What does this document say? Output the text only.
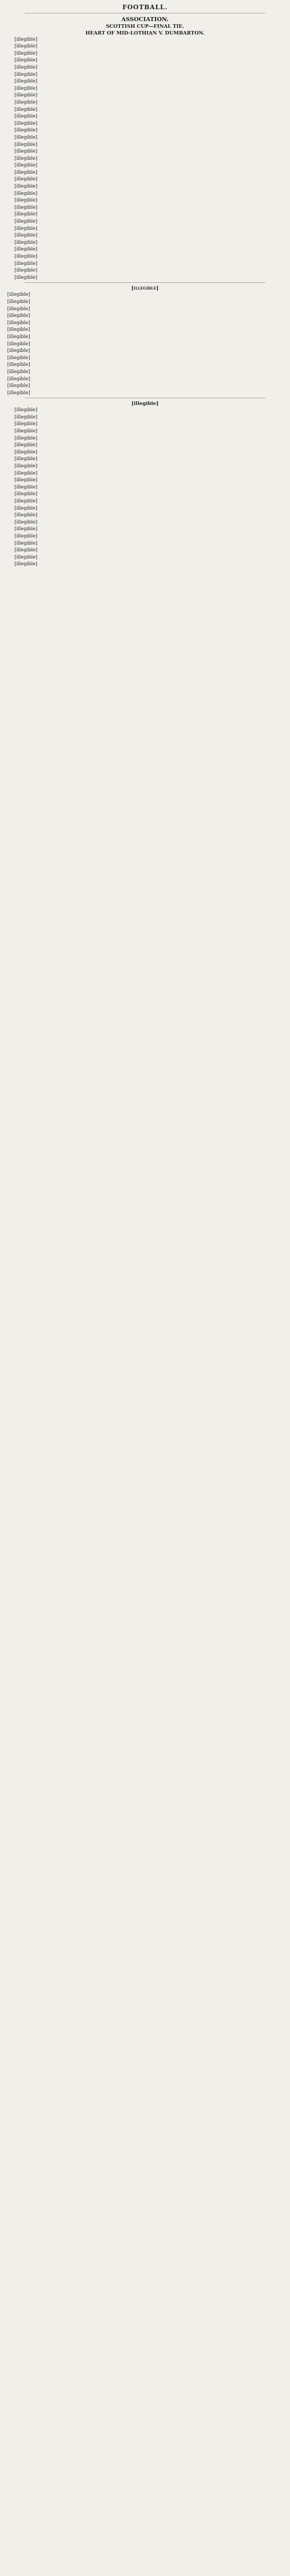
FOOTBALL.
ASSOCIATION.
SCOTTISH CUP—FINAL TIE.
HEART OF MID-LOTHIAN V. DUMBARTON.

[illegible]

[illegible]

[illegible]

[illegible]

[illegible]

[illegible]

[illegible]

[illegible]

[illegible]

[illegible]

[illegible]

[illegible]

[illegible]

[illegible]

[illegible]

[illegible]

[illegible]

[illegible]

[illegible]

[illegible]

[illegible]

[illegible]

[illegible]

[illegible]

[illegible]

[illegible]

[illegible]

[illegible]

[illegible]

[illegible]

[illegible]

[illegible]

[illegible]

[illegible]

[illegible]

[illegible]

[illegible]

[illegible]

[illegible]

[illegible]

[illegible]

[illegible]

[illegible]

[illegible]

[illegible]

[illegible]

[illegible]

[illegible]

[illegible]

[illegible]

[illegible]

[illegible]

[illegible]

[illegible]

[illegible]

[illegible]

[illegible]

[illegible]

[illegible]

[illegible]

[illegible]

[illegible]

[illegible]

[illegible]

[illegible]

[illegible]

[illegible]

[illegible]

[illegible]

[illegible]

[illegible]

[illegible]

[illegible]

[illegible]

[illegible]
